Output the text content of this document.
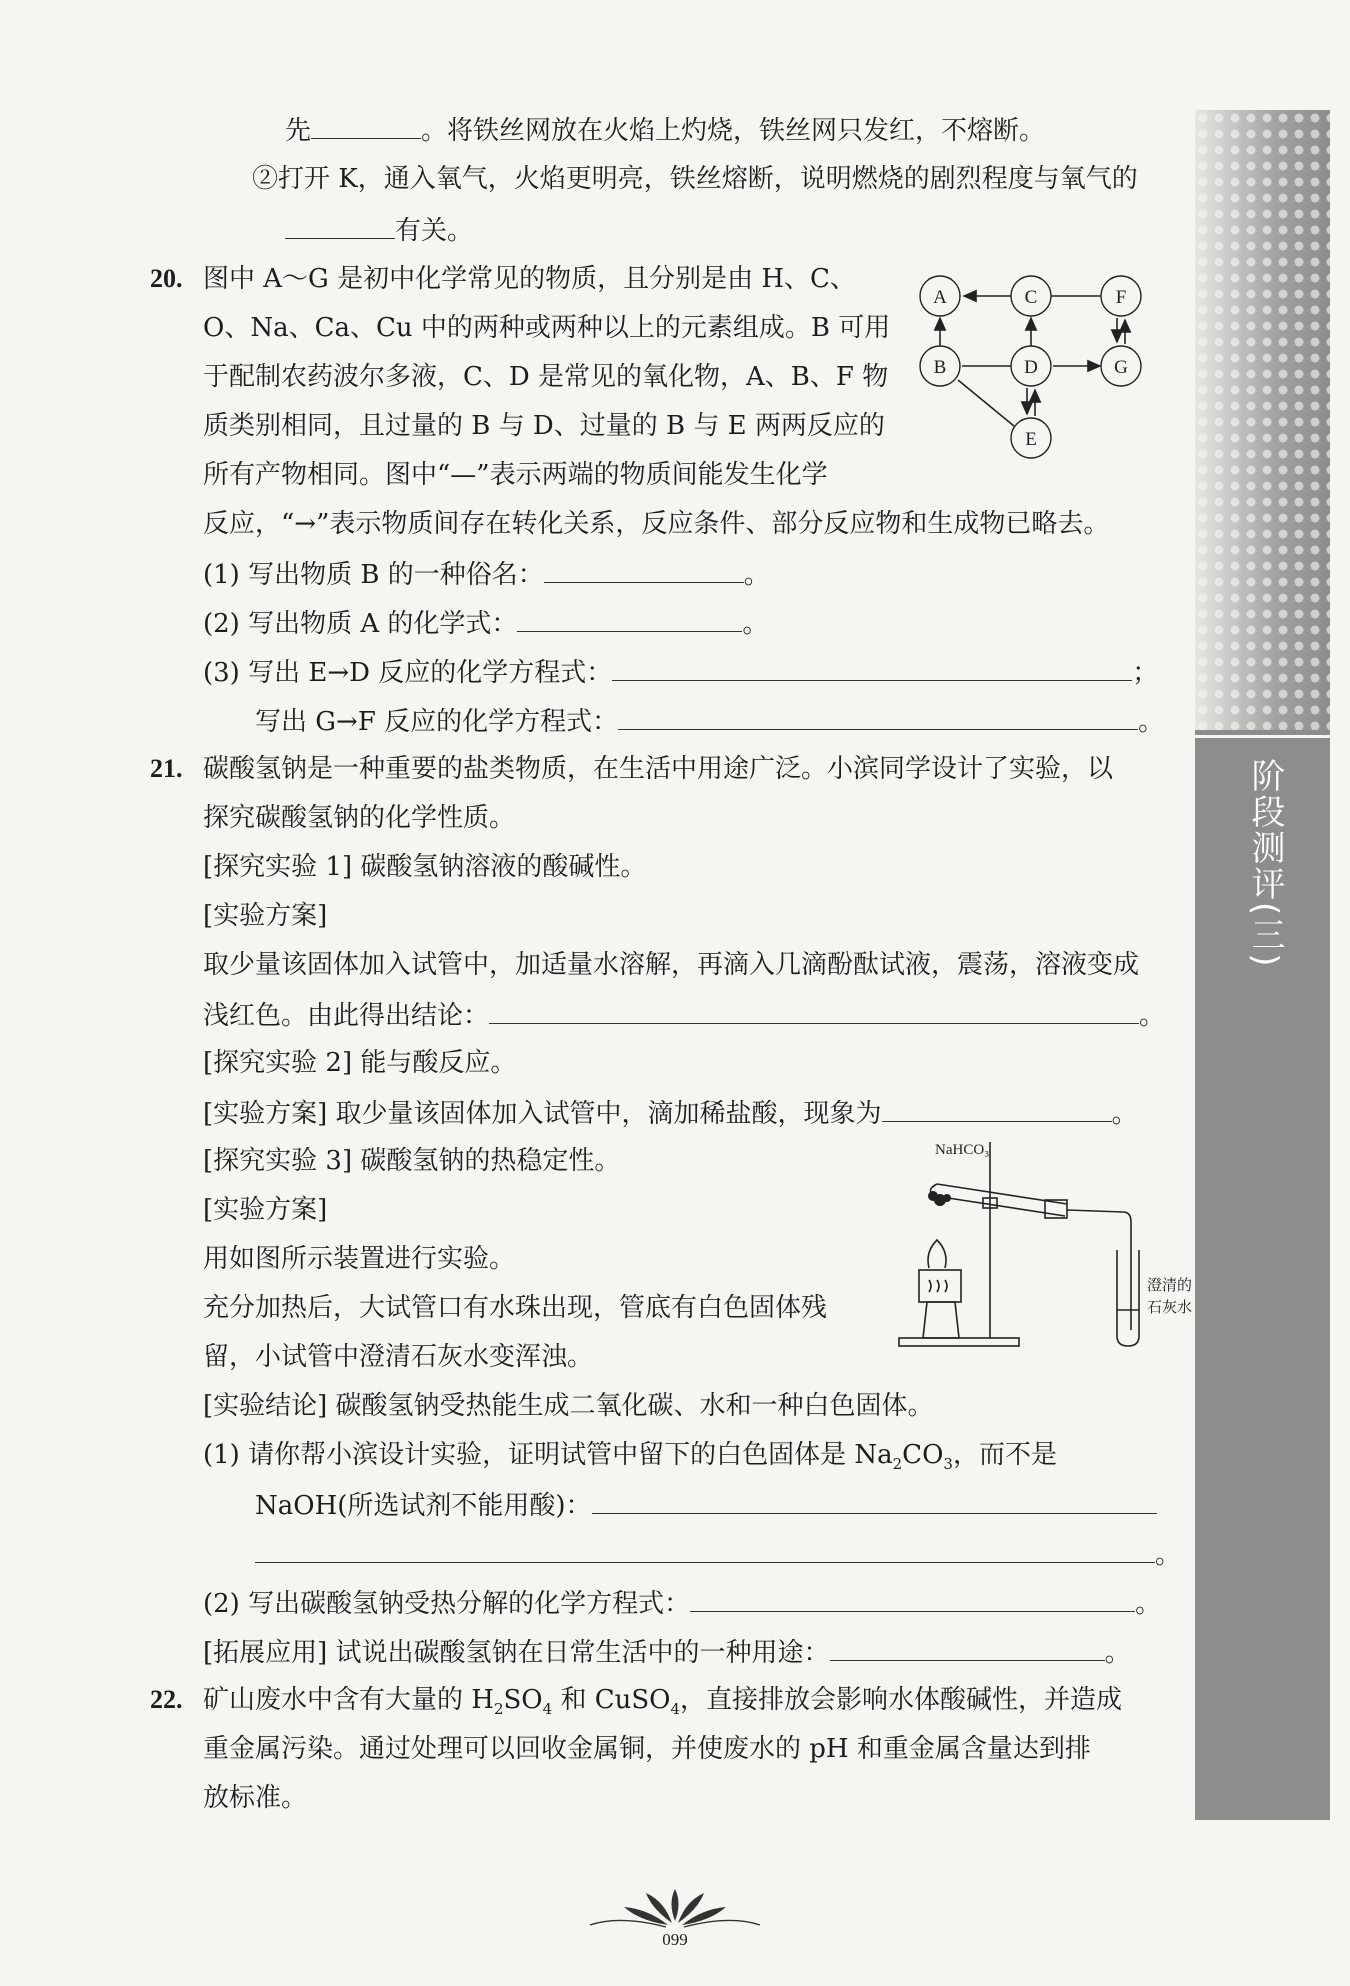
阶段测评(三)
先	。将铁丝网放在火焰上灼烧，铁丝网只发红，不熔断。
②打开 K，通入氧气，火焰更明亮，铁丝熔断，说明燃烧的剧烈程度与氧气的
有关。
20. 图中 A～G 是初中化学常见的物质，且分别是由 H、C、
O、Na、Ca、Cu 中的两种或两种以上的元素组成。B 可用
于配制农药波尔多液，C、D 是常见的氧化物，A、B、F 物
质类别相同，且过量的 B 与 D、过量的 B 与 E 两两反应的
所有产物相同。图中“—”表示两端的物质间能发生化学
反应，“→”表示物质间存在转化关系，反应条件、部分反应物和生成物已略去。
A	C	F
B	D	G
E
(1) 写出物质 B 的一种俗名：	。
(2) 写出物质 A 的化学式：	。
(3) 写出 E→D 反应的化学方程式：	；
写出 G→F 反应的化学方程式：	。
21. 碳酸氢钠是一种重要的盐类物质，在生活中用途广泛。小滨同学设计了实验，以
探究碳酸氢钠的化学性质。
[探究实验 1] 碳酸氢钠溶液的酸碱性。
[实验方案]
取少量该固体加入试管中，加适量水溶解，再滴入几滴酚酞试液，震荡，溶液变成
浅红色。由此得出结论：	。
[探究实验 2] 能与酸反应。
[实验方案] 取少量该固体加入试管中，滴加稀盐酸，现象为	。
[探究实验 3] 碳酸氢钠的热稳定性。
[实验方案]
用如图所示装置进行实验。
充分加热后，大试管口有水珠出现，管底有白色固体残
留，小试管中澄清石灰水变浑浊。
NaHCO₃
澄清的
石灰水
[实验结论] 碳酸氢钠受热能生成二氧化碳、水和一种白色固体。
(1) 请你帮小滨设计实验，证明试管中留下的白色固体是 $Na_2CO_3$，而不是
NaOH(所选试剂不能用酸)：
。
(2) 写出碳酸氢钠受热分解的化学方程式：	。
[拓展应用] 试说出碳酸氢钠在日常生活中的一种用途：	。
22. 矿山废水中含有大量的 $H_2SO_4$ 和 CuSO$_4$，直接排放会影响水体酸碱性，并造成
重金属污染。通过处理可以回收金属铜，并使废水的 pH 和重金属含量达到排
放标准。
099
